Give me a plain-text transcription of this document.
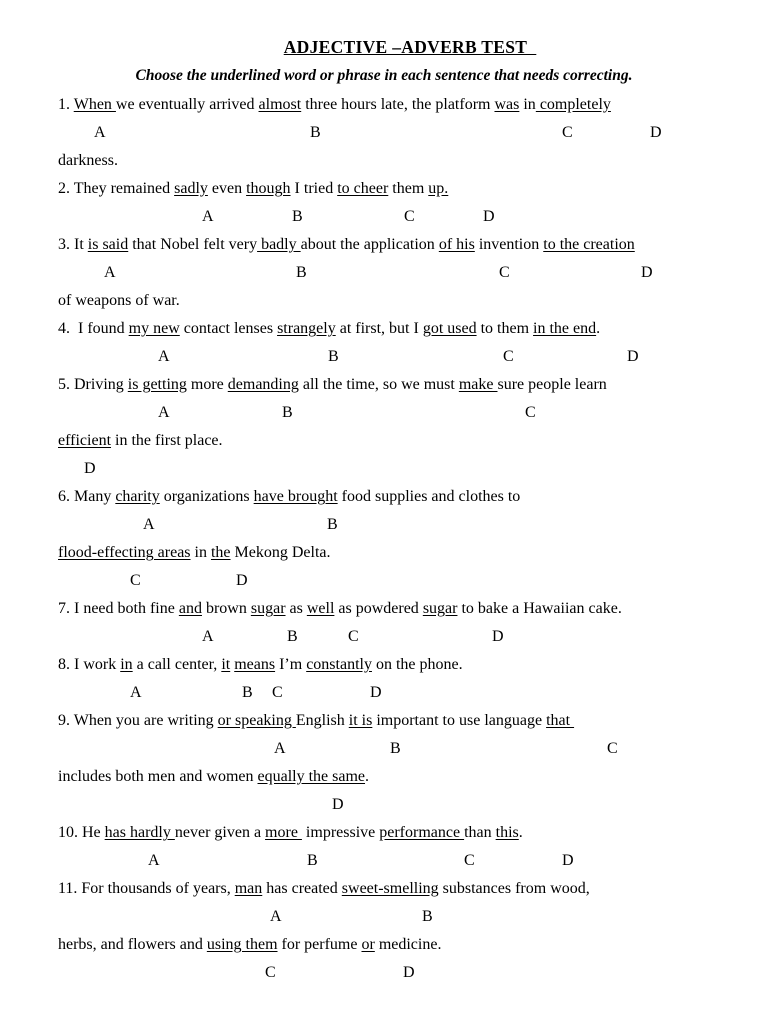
ADJECTIVE –ADVERB TEST
Choose the underlined word or phrase in each sentence that needs correcting.
1. When we eventually arrived almost three hours late, the platform was in completely
darkness.
2. They remained sadly even though I tried to cheer them up.
3. It is said that Nobel felt very badly about the application of his invention to the creation
of weapons of war.
4.  I found my new contact lenses strangely at first, but I got used to them in the end.
5. Driving is getting more demanding all the time, so we must make sure people learn
efficient in the first place.
6. Many charity organizations have brought food supplies and clothes to
flood-effecting areas in the Mekong Delta.
7. I need both fine and brown sugar as well as powdered sugar to bake a Hawaiian cake.
8. I work in a call center, it means I’m constantly on the phone.
9. When you are writing or speaking English it is important to use language that
includes both men and women equally the same.
10. He has hardly never given a more  impressive performance than this.
11. For thousands of years, man has created sweet-smelling substances from wood,
herbs, and flowers and using them for perfume or medicine.
A	B	C	D
A	B	C	D
A	B	C	D
A	B	C	D
A	B	C
D
A	B
C	D
A	B	C	D
A	B C	D
A	B	C
D
A	B	C	D
A	B
C	D
